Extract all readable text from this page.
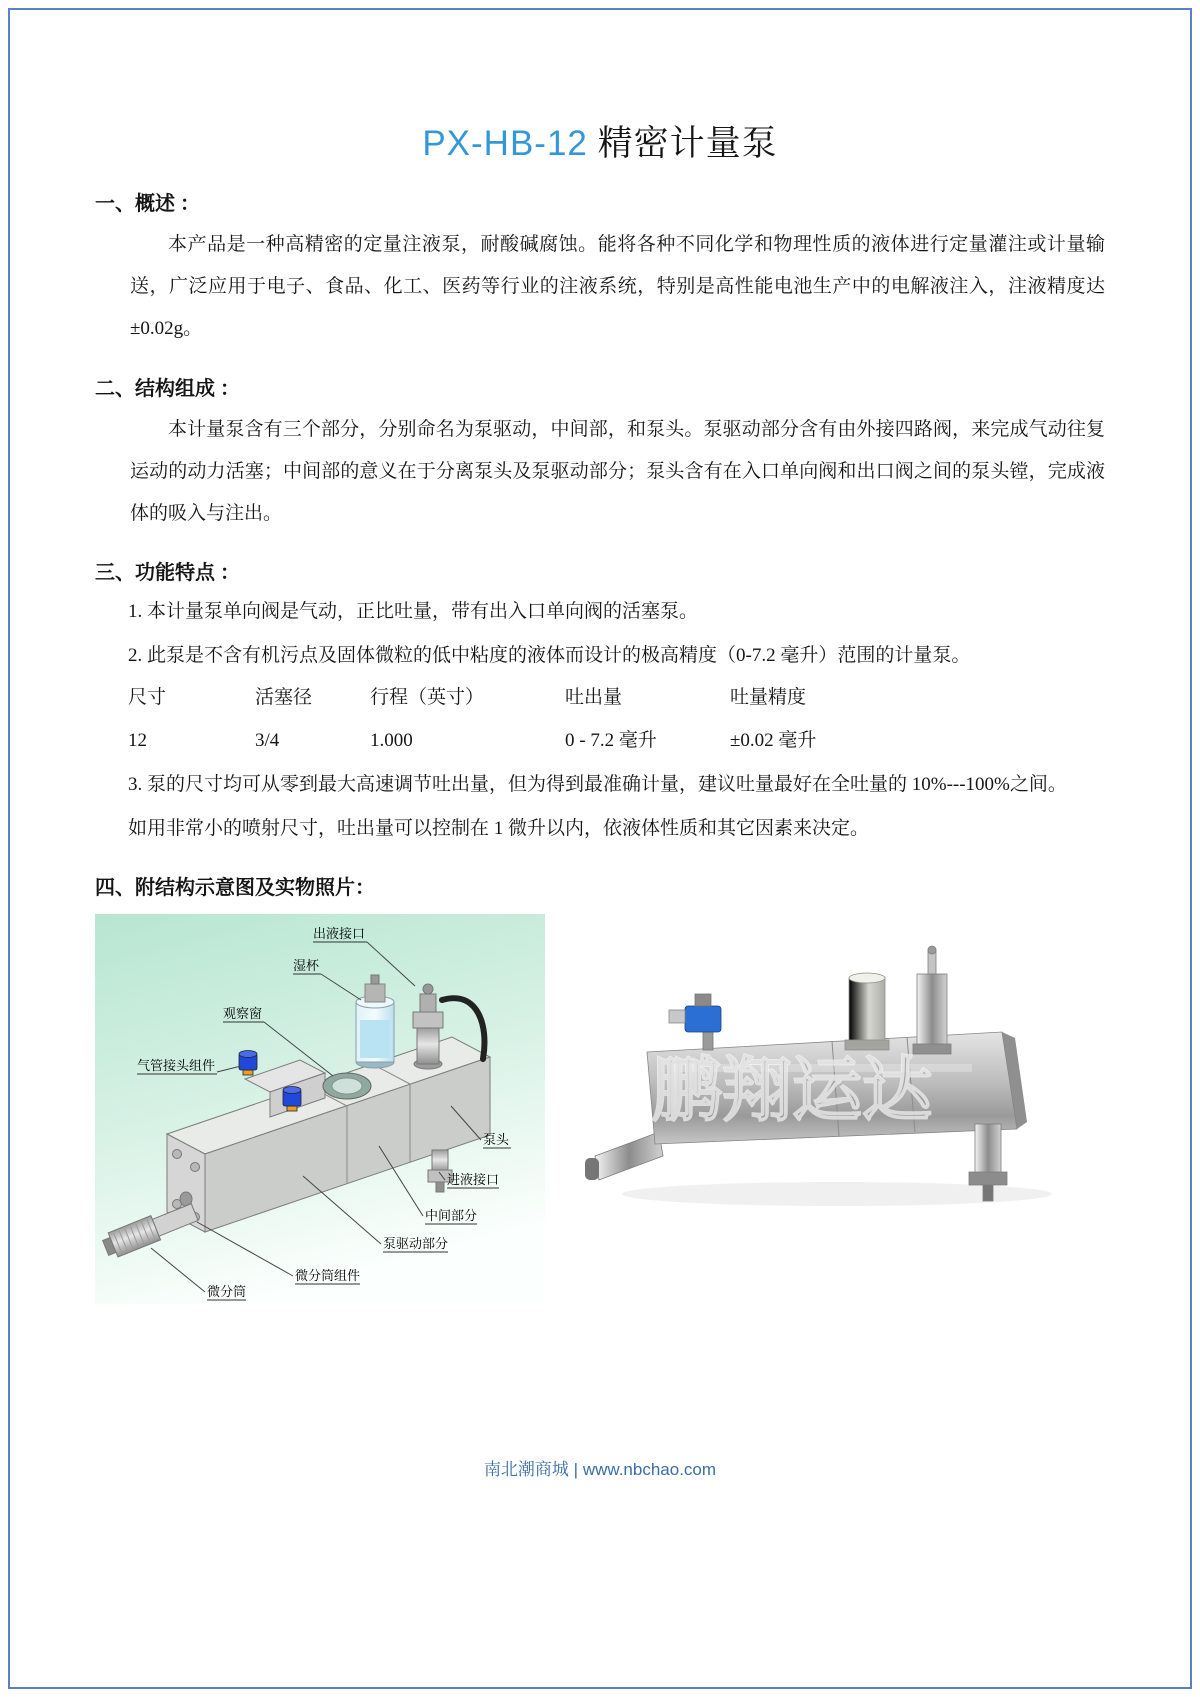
PX-HB-12 精密计量泵
一、概述 ：

本产品是一种高精密的定量注液泵，耐酸碱腐蚀。能将各种不同化学和物理性质的液体进行定量灌注或计量输送，广泛应用于电子、食品、化工、医药等行业的注液系统，特别是高性能电池生产中的电解液注入，注液精度达±0.02g。

二、结构组成 ：

本计量泵含有三个部分，分别命名为泵驱动，中间部，和泵头。泵驱动部分含有由外接四路阀，来完成气动往复运动的动力活塞；中间部的意义在于分离泵头及泵驱动部分；泵头含有在入口单向阀和出口阀之间的泵头镗，完成液体的吸入与注出。

三、功能特点 ：

1. 本计量泵单向阀是气动，正比吐量，带有出入口单向阀的活塞泵。

2. 此泵是不含有机污点及固体微粒的低中粘度的液体而设计的极高精度（0-7.2 毫升）范围的计量泵。

尺寸	活塞径	行程（英寸）	吐出量	吐量精度
12	3/4	1.000	0 - 7.2 毫升	±0.02 毫升

3. 泵的尺寸均可从零到最大高速调节吐出量，但为得到最准确计量，建议吐量最好在全吐量的 10%---100%之间。

如用非常小的喷射尺寸，吐出量可以控制在 1 微升以内，依液体性质和其它因素来决定。

四、附结构示意图及实物照片：
出液接口
湿杯
观察窗
气管接头组件
泵头
进液接口
中间部分
泵驱动部分
微分筒组件
微分筒
鹏翔运达
南北潮商城 | www.nbchao.com
